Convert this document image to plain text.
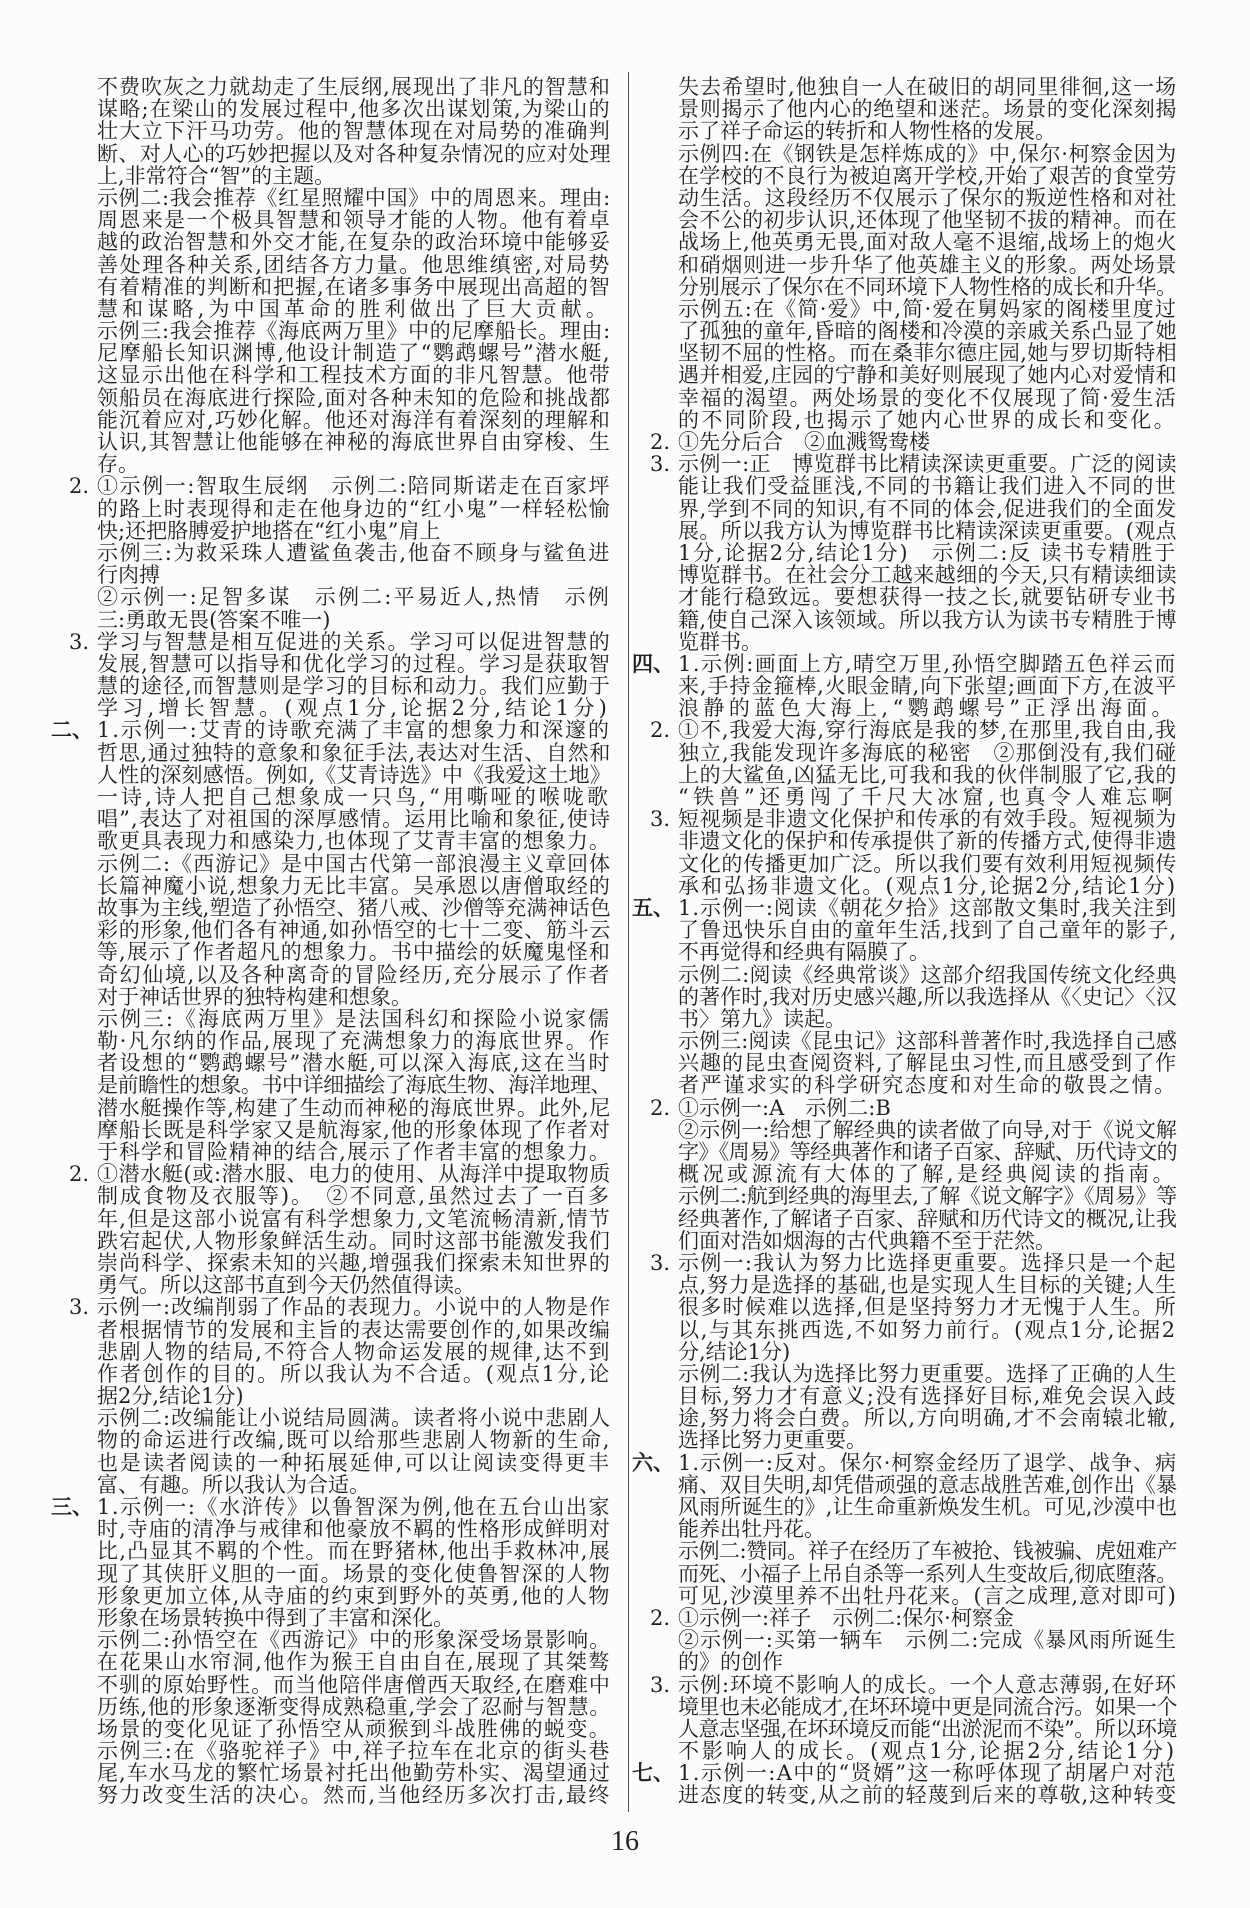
不费吹灰之力就劫走了生辰纲,展现出了非凡的智慧和
谋略;在梁山的发展过程中,他多次出谋划策,为梁山的
壮大立下汗马功劳。他的智慧体现在对局势的准确判
断、对人心的巧妙把握以及对各种复杂情况的应对处理
上,非常符合“智”的主题。
示例二:我会推荐《红星照耀中国》中的周恩来。理由:
周恩来是一个极具智慧和领导才能的人物。他有着卓
越的政治智慧和外交才能,在复杂的政治环境中能够妥
善处理各种关系,团结各方力量。他思维缜密,对局势
有着精准的判断和把握,在诸多事务中展现出高超的智
慧和谋略,为中国革命的胜利做出了巨大贡献。
示例三:我会推荐《海底两万里》中的尼摩船长。理由:
尼摩船长知识渊博,他设计制造了“鹦鹉螺号”潜水艇,
这显示出他在科学和工程技术方面的非凡智慧。他带
领船员在海底进行探险,面对各种未知的危险和挑战都
能沉着应对,巧妙化解。他还对海洋有着深刻的理解和
认识,其智慧让他能够在神秘的海底世界自由穿梭、生
存。
2. ①示例一:智取生辰纲　示例二:陪同斯诺走在百家坪
的路上时表现得和走在他身边的“红小鬼”一样轻松愉
快;还把胳膊爱护地搭在“红小鬼”肩上
示例三:为救采珠人遭鲨鱼袭击,他奋不顾身与鲨鱼进
行肉搏
②示例一:足智多谋　示例二:平易近人,热情　示例
三:勇敢无畏(答案不唯一)
3. 学习与智慧是相互促进的关系。学习可以促进智慧的
发展,智慧可以指导和优化学习的过程。学习是获取智
慧的途径,而智慧则是学习的目标和动力。我们应勤于
学习,增长智慧。(观点1分,论据2分,结论1分)
二、 1.示例一:艾青的诗歌充满了丰富的想象力和深邃的
哲思,通过独特的意象和象征手法,表达对生活、自然和
人性的深刻感悟。例如,《艾青诗选》中《我爱这土地》
一诗,诗人把自己想象成一只鸟,“用嘶哑的喉咙歌
唱”,表达了对祖国的深厚感情。运用比喻和象征,使诗
歌更具表现力和感染力,也体现了艾青丰富的想象力。
示例二:《西游记》是中国古代第一部浪漫主义章回体
长篇神魔小说,想象力无比丰富。吴承恩以唐僧取经的
故事为主线,塑造了孙悟空、猪八戒、沙僧等充满神话色
彩的形象,他们各有神通,如孙悟空的七十二变、筋斗云
等,展示了作者超凡的想象力。书中描绘的妖魔鬼怪和
奇幻仙境,以及各种离奇的冒险经历,充分展示了作者
对于神话世界的独特构建和想象。
示例三:《海底两万里》是法国科幻和探险小说家儒
勒·凡尔纳的作品,展现了充满想象力的海底世界。作
者设想的“鹦鹉螺号”潜水艇,可以深入海底,这在当时
是前瞻性的想象。书中详细描绘了海底生物、海洋地理、
潜水艇操作等,构建了生动而神秘的海底世界。此外,尼
摩船长既是科学家又是航海家,他的形象体现了作者对
于科学和冒险精神的结合,展示了作者丰富的想象力。
2. ①潜水艇(或:潜水服、电力的使用、从海洋中提取物质
制成食物及衣服等)。　②不同意,虽然过去了一百多
年,但是这部小说富有科学想象力,文笔流畅清新,情节
跌宕起伏,人物形象鲜活生动。同时这部书能激发我们
崇尚科学、探索未知的兴趣,增强我们探索未知世界的
勇气。所以这部书直到今天仍然值得读。
3. 示例一:改编削弱了作品的表现力。小说中的人物是作
者根据情节的发展和主旨的表达需要创作的,如果改编
悲剧人物的结局,不符合人物命运发展的规律,达不到
作者创作的目的。所以我认为不合适。(观点1分,论
据2分,结论1分)
示例二:改编能让小说结局圆满。读者将小说中悲剧人
物的命运进行改编,既可以给那些悲剧人物新的生命,
也是读者阅读的一种拓展延伸,可以让阅读变得更丰
富、有趣。所以我认为合适。
三、 1.示例一:《水浒传》以鲁智深为例,他在五台山出家
时,寺庙的清净与戒律和他豪放不羁的性格形成鲜明对
比,凸显其不羁的个性。而在野猪林,他出手救林冲,展
现了其侠肝义胆的一面。场景的变化使鲁智深的人物
形象更加立体,从寺庙的约束到野外的英勇,他的人物
形象在场景转换中得到了丰富和深化。
示例二:孙悟空在《西游记》中的形象深受场景影响。
在花果山水帘洞,他作为猴王自由自在,展现了其桀骜
不驯的原始野性。而当他陪伴唐僧西天取经,在磨难中
历练,他的形象逐渐变得成熟稳重,学会了忍耐与智慧。
场景的变化见证了孙悟空从顽猴到斗战胜佛的蜕变。
示例三:在《骆驼祥子》中,祥子拉车在北京的街头巷
尾,车水马龙的繁忙场景衬托出他勤劳朴实、渴望通过
努力改变生活的决心。然而,当他经历多次打击,最终
失去希望时,他独自一人在破旧的胡同里徘徊,这一场
景则揭示了他内心的绝望和迷茫。场景的变化深刻揭
示了祥子命运的转折和人物性格的发展。
示例四:在《钢铁是怎样炼成的》中,保尔·柯察金因为
在学校的不良行为被迫离开学校,开始了艰苦的食堂劳
动生活。这段经历不仅展示了保尔的叛逆性格和对社
会不公的初步认识,还体现了他坚韧不拔的精神。而在
战场上,他英勇无畏,面对敌人毫不退缩,战场上的炮火
和硝烟则进一步升华了他英雄主义的形象。两处场景
分别展示了保尔在不同环境下人物性格的成长和升华。
示例五:在《简·爱》中,简·爱在舅妈家的阁楼里度过
了孤独的童年,昏暗的阁楼和冷漠的亲戚关系凸显了她
坚韧不屈的性格。而在桑菲尔德庄园,她与罗切斯特相
遇并相爱,庄园的宁静和美好则展现了她内心对爱情和
幸福的渴望。两处场景的变化不仅展现了简·爱生活
的不同阶段,也揭示了她内心世界的成长和变化。
2. ①先分后合　②血溅鸳鸯楼
3. 示例一:正　博览群书比精读深读更重要。广泛的阅读
能让我们受益匪浅,不同的书籍让我们进入不同的世
界,学到不同的知识,有不同的体会,促进我们的全面发
展。所以我方认为博览群书比精读深读更重要。(观点
1分,论据2分,结论1分)　示例二:反 读书专精胜于
博览群书。在社会分工越来越细的今天,只有精读细读
才能行稳致远。要想获得一技之长,就要钻研专业书
籍,使自己深入该领域。所以我方认为读书专精胜于博
览群书。
四、 1.示例:画面上方,晴空万里,孙悟空脚踏五色祥云而
来,手持金箍棒,火眼金睛,向下张望;画面下方,在波平
浪静的蓝色大海上,“鹦鹉螺号”正浮出海面。
2. ①不,我爱大海,穿行海底是我的梦,在那里,我自由,我
独立,我能发现许多海底的秘密　②那倒没有,我们碰
上的大鲨鱼,凶猛无比,可我和我的伙伴制服了它,我的
“铁兽”还勇闯了千尺大冰窟,也真令人难忘啊
3. 短视频是非遗文化保护和传承的有效手段。短视频为
非遗文化的保护和传承提供了新的传播方式,使得非遗
文化的传播更加广泛。所以我们要有效利用短视频传
承和弘扬非遗文化。(观点1分,论据2分,结论1分)
五、 1.示例一:阅读《朝花夕拾》这部散文集时,我关注到
了鲁迅快乐自由的童年生活,找到了自己童年的影子,
不再觉得和经典有隔膜了。
示例二:阅读《经典常谈》这部介绍我国传统文化经典
的著作时,我对历史感兴趣,所以我选择从《〈史记〉〈汉
书〉第九》读起。
示例三:阅读《昆虫记》这部科普著作时,我选择自己感
兴趣的昆虫查阅资料,了解昆虫习性,而且感受到了作
者严谨求实的科学研究态度和对生命的敬畏之情。
2. ①示例一:A　示例二:B
②示例一:给想了解经典的读者做了向导,对于《说文解
字》《周易》等经典著作和诸子百家、辞赋、历代诗文的
概况或源流有大体的了解,是经典阅读的指南。
示例二:航到经典的海里去,了解《说文解字》《周易》等
经典著作,了解诸子百家、辞赋和历代诗文的概况,让我
们面对浩如烟海的古代典籍不至于茫然。
3. 示例一:我认为努力比选择更重要。选择只是一个起
点,努力是选择的基础,也是实现人生目标的关键;人生
很多时候难以选择,但是坚持努力才无愧于人生。所
以,与其东挑西选,不如努力前行。(观点1分,论据2
分,结论1分)
示例二:我认为选择比努力更重要。选择了正确的人生
目标,努力才有意义;没有选择好目标,难免会误入歧
途,努力将会白费。所以,方向明确,才不会南辕北辙,
选择比努力更重要。
六、 1.示例一:反对。保尔·柯察金经历了退学、战争、病
痛、双目失明,却凭借顽强的意志战胜苦难,创作出《暴
风雨所诞生的》,让生命重新焕发生机。可见,沙漠中也
能养出牡丹花。
示例二:赞同。祥子在经历了车被抢、钱被骗、虎妞难产
而死、小福子上吊自杀等一系列人生变故后,彻底堕落。
可见,沙漠里养不出牡丹花来。(言之成理,意对即可)
2. ①示例一:祥子　示例二:保尔·柯察金
②示例一:买第一辆车　示例二:完成《暴风雨所诞生
的》的创作
3. 示例:环境不影响人的成长。一个人意志薄弱,在好环
境里也未必能成才,在坏环境中更是同流合污。如果一个
人意志坚强,在坏环境反而能“出淤泥而不染”。所以环境
不影响人的成长。(观点1分,论据2分,结论1分)
七、 1.示例一:A中的“贤婿”这一称呼体现了胡屠户对范
进态度的转变,从之前的轻蔑到后来的尊敬,这种转变
16
